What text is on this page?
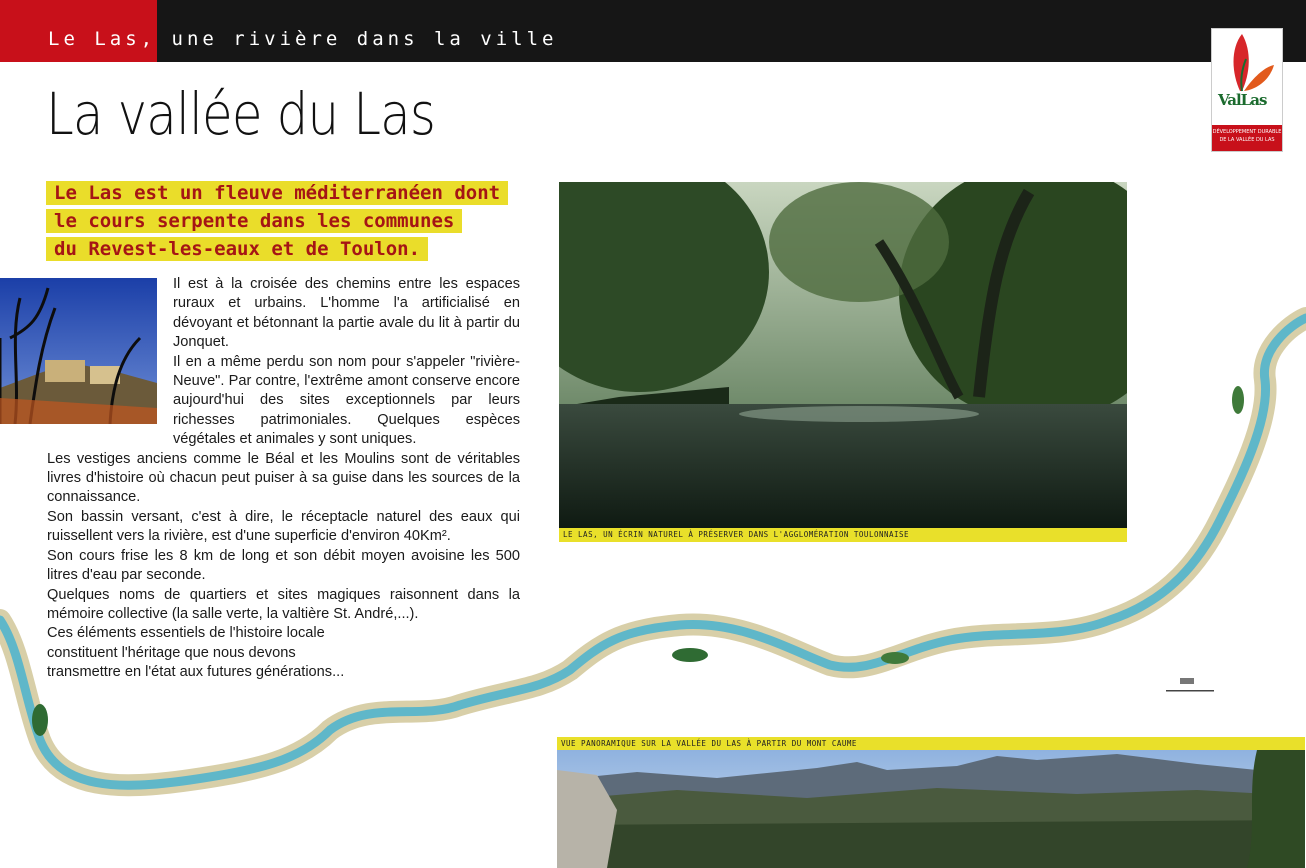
Le Las, une rivière dans la ville
ValLas
DÉVELOPPEMENT DURABLE
DE LA VALLÉE DU LAS
La vallée du Las
Le Las est un fleuve méditerranéen dont
le cours serpente dans les communes
du Revest-les-eaux et de Toulon.

Il est à la croisée des chemins entre les espaces ruraux et urbains. L'homme l'a artificialisé en dévoyant et bétonnant la partie avale du lit à partir du Jonquet.

Il en a même perdu son nom pour s'appeler "rivière-Neuve". Par contre, l'extrême amont conserve encore aujourd'hui des sites exceptionnels par leurs richesses patrimoniales. Quelques espèces végétales et animales y sont uniques.

Les vestiges anciens comme le Béal et les Moulins sont de véritables livres d'histoire où chacun peut puiser à sa guise dans les sources de la connaissance.

Son bassin versant, c'est à dire, le réceptacle naturel des eaux qui ruissellent vers la rivière, est d'une superficie d'environ 40Km².

Son cours frise les 8 km de long et son débit moyen avoisine les 500 litres d'eau par seconde.

Quelques noms de quartiers et sites magiques raisonnent dans la mémoire collective (la salle verte, la valtière St. André,...).

Ces éléments essentiels de l'histoire locale constituent l'héritage que nous devons transmettre en l'état aux futures générations...

LE LAS, UN ÉCRIN NATUREL À PRÉSERVER DANS L'AGGLOMÉRATION TOULONNAISE
VUE PANORAMIQUE SUR LA VALLÉE DU LAS À PARTIR DU MONT CAUME
